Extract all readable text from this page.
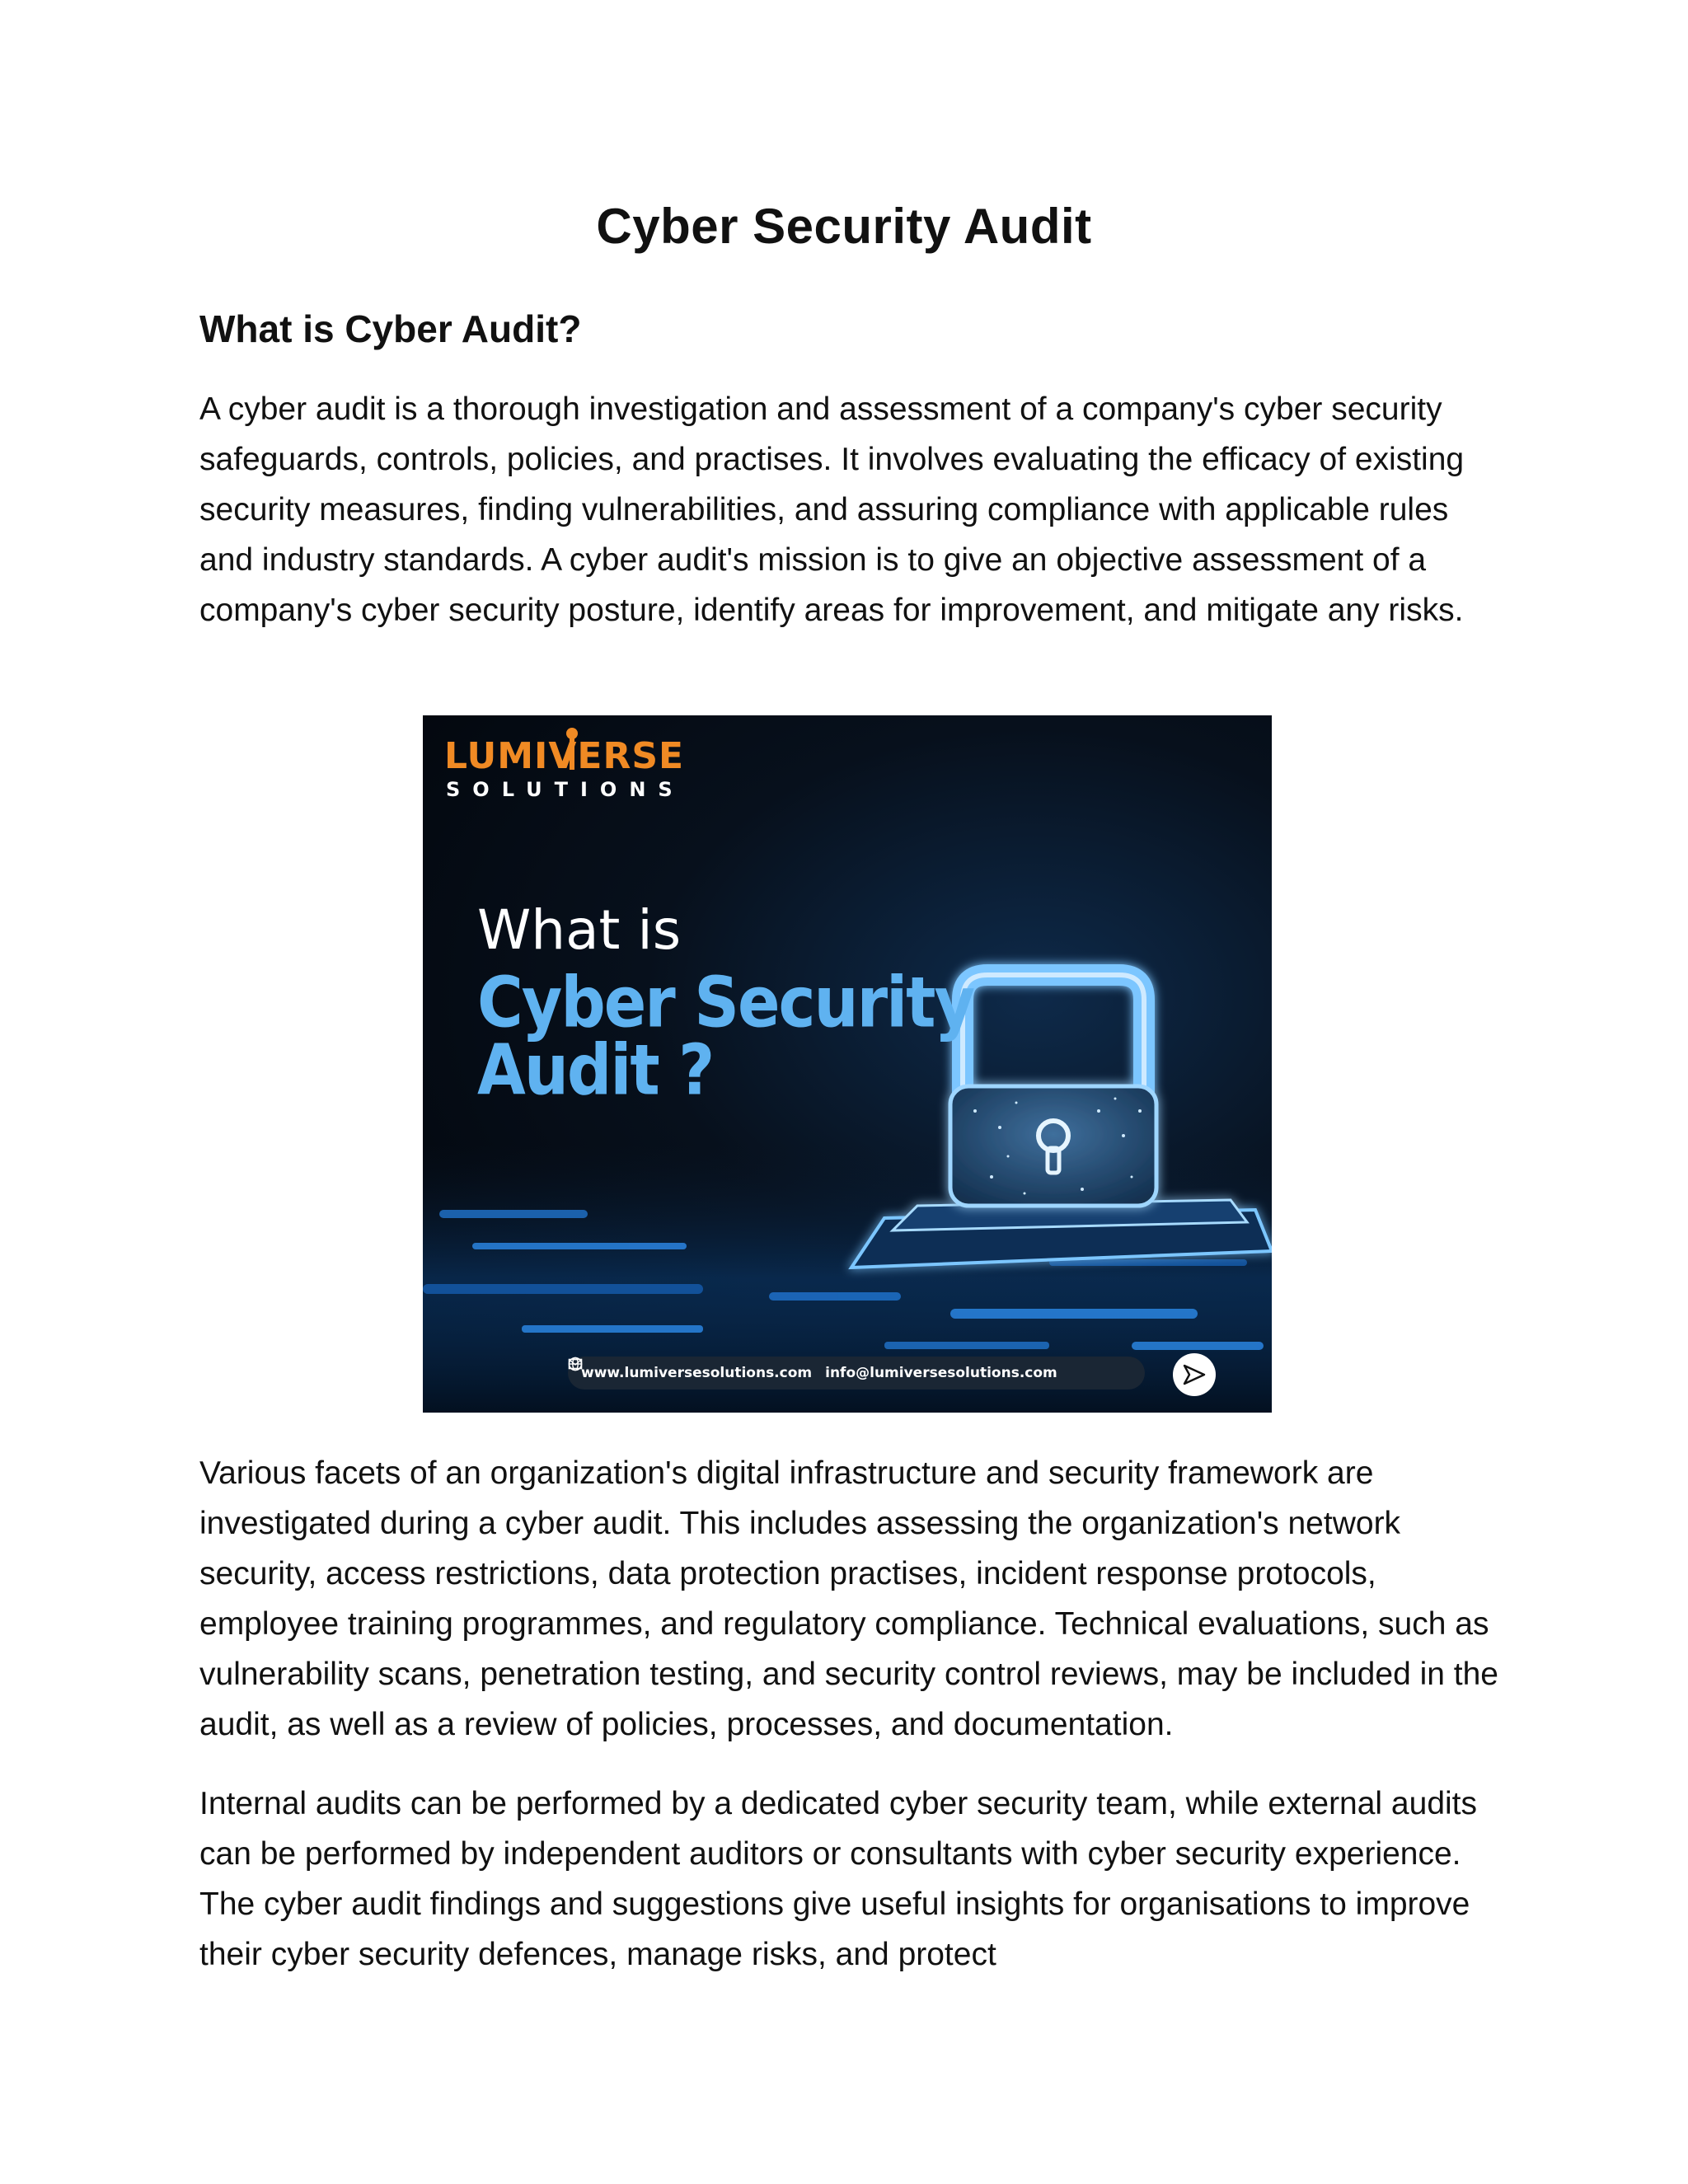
Cyber Security Audit
What is Cyber Audit?

A cyber audit is a thorough investigation and assessment of a company's cyber security safeguards, controls, policies, and practises. It involves evaluating the efficacy of existing security measures, finding vulnerabilities, and assuring compliance with applicable rules and industry standards. A cyber audit's mission is to give an objective assessment of a company's cyber security posture, identify areas for improvement, and mitigate any risks.

LUMIVERSE
SOLUTIONS
What is
Cyber Security
Audit ?
www.lumiversesolutions.com info@lumiversesolutions.com

Various facets of an organization's digital infrastructure and security framework are investigated during a cyber audit. This includes assessing the organization's network security, access restrictions, data protection practises, incident response protocols, employee training programmes, and regulatory compliance. Technical evaluations, such as vulnerability scans, penetration testing, and security control reviews, may be included in the audit, as well as a review of policies, processes, and documentation.

Internal audits can be performed by a dedicated cyber security team, while external audits can be performed by independent auditors or consultants with cyber security experience. The cyber audit findings and suggestions give useful insights for organisations to improve their cyber security defences, manage risks, and protect
